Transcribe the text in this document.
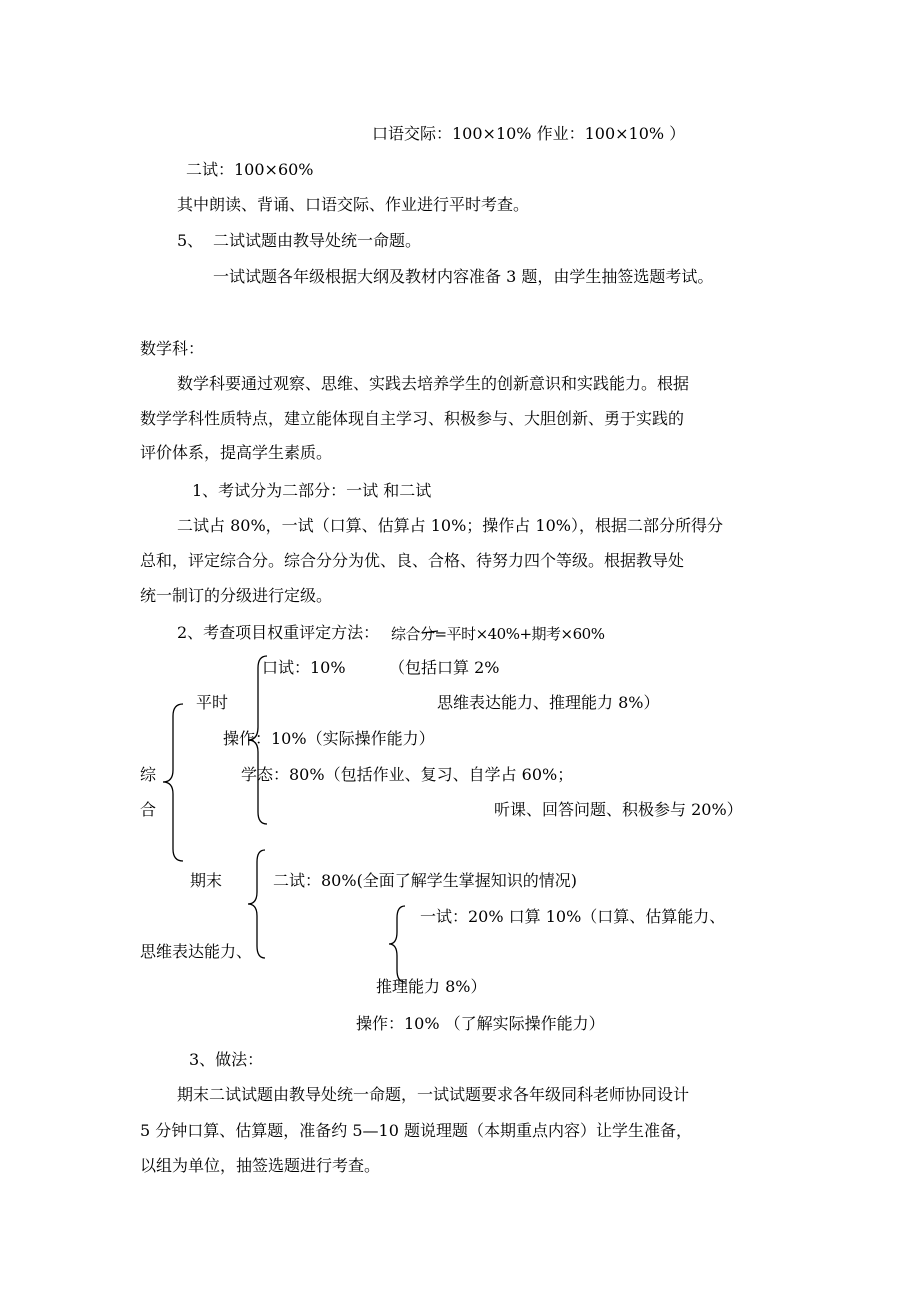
口语交际：100×10% 作业：100×10% ）
二试：100×60%
其中朗读、背诵、口语交际、作业进行平时考查。
5、 二试试题由教导处统一命题。
一试试题各年级根据大纲及教材内容准备 3 题，由学生抽签选题考试。
数学科：
数学科要通过观察、思维、实践去培养学生的创新意识和实践能力。根据
数学学科性质特点，建立能体现自主学习、积极参与、大胆创新、勇于实践的
评价体系，提高学生素质。
1、考试分为二部分：一试 和二试
二试占 80%，一试（口算、估算占 10%；操作占 10%），根据二部分所得分
总和，评定综合分。综合分分为优、良、合格、待努力四个等级。根据教导处
统一制订的分级进行定级。
2、考查项目权重评定方法： 综合分=平时×40%+期考×60%
口试：10%	（包括口算 2%
平时	思维表达能力、推理能力 8%）
操作：10%（实际操作能力）
综	学态：80%（包括作业、复习、自学占 60%；
合	听课、回答问题、积极参与 20%）
期末	二试：80%(全面了解学生掌握知识的情况)
一试：20% 口算 10%（口算、估算能力、
思维表达能力、
推理能力 8%）
操作：10% （了解实际操作能力）
3、做法：
期末二试试题由教导处统一命题，一试试题要求各年级同科老师协同设计
5 分钟口算、估算题，准备约 5—10 题说理题（本期重点内容）让学生准备，
以组为单位，抽签选题进行考查。
